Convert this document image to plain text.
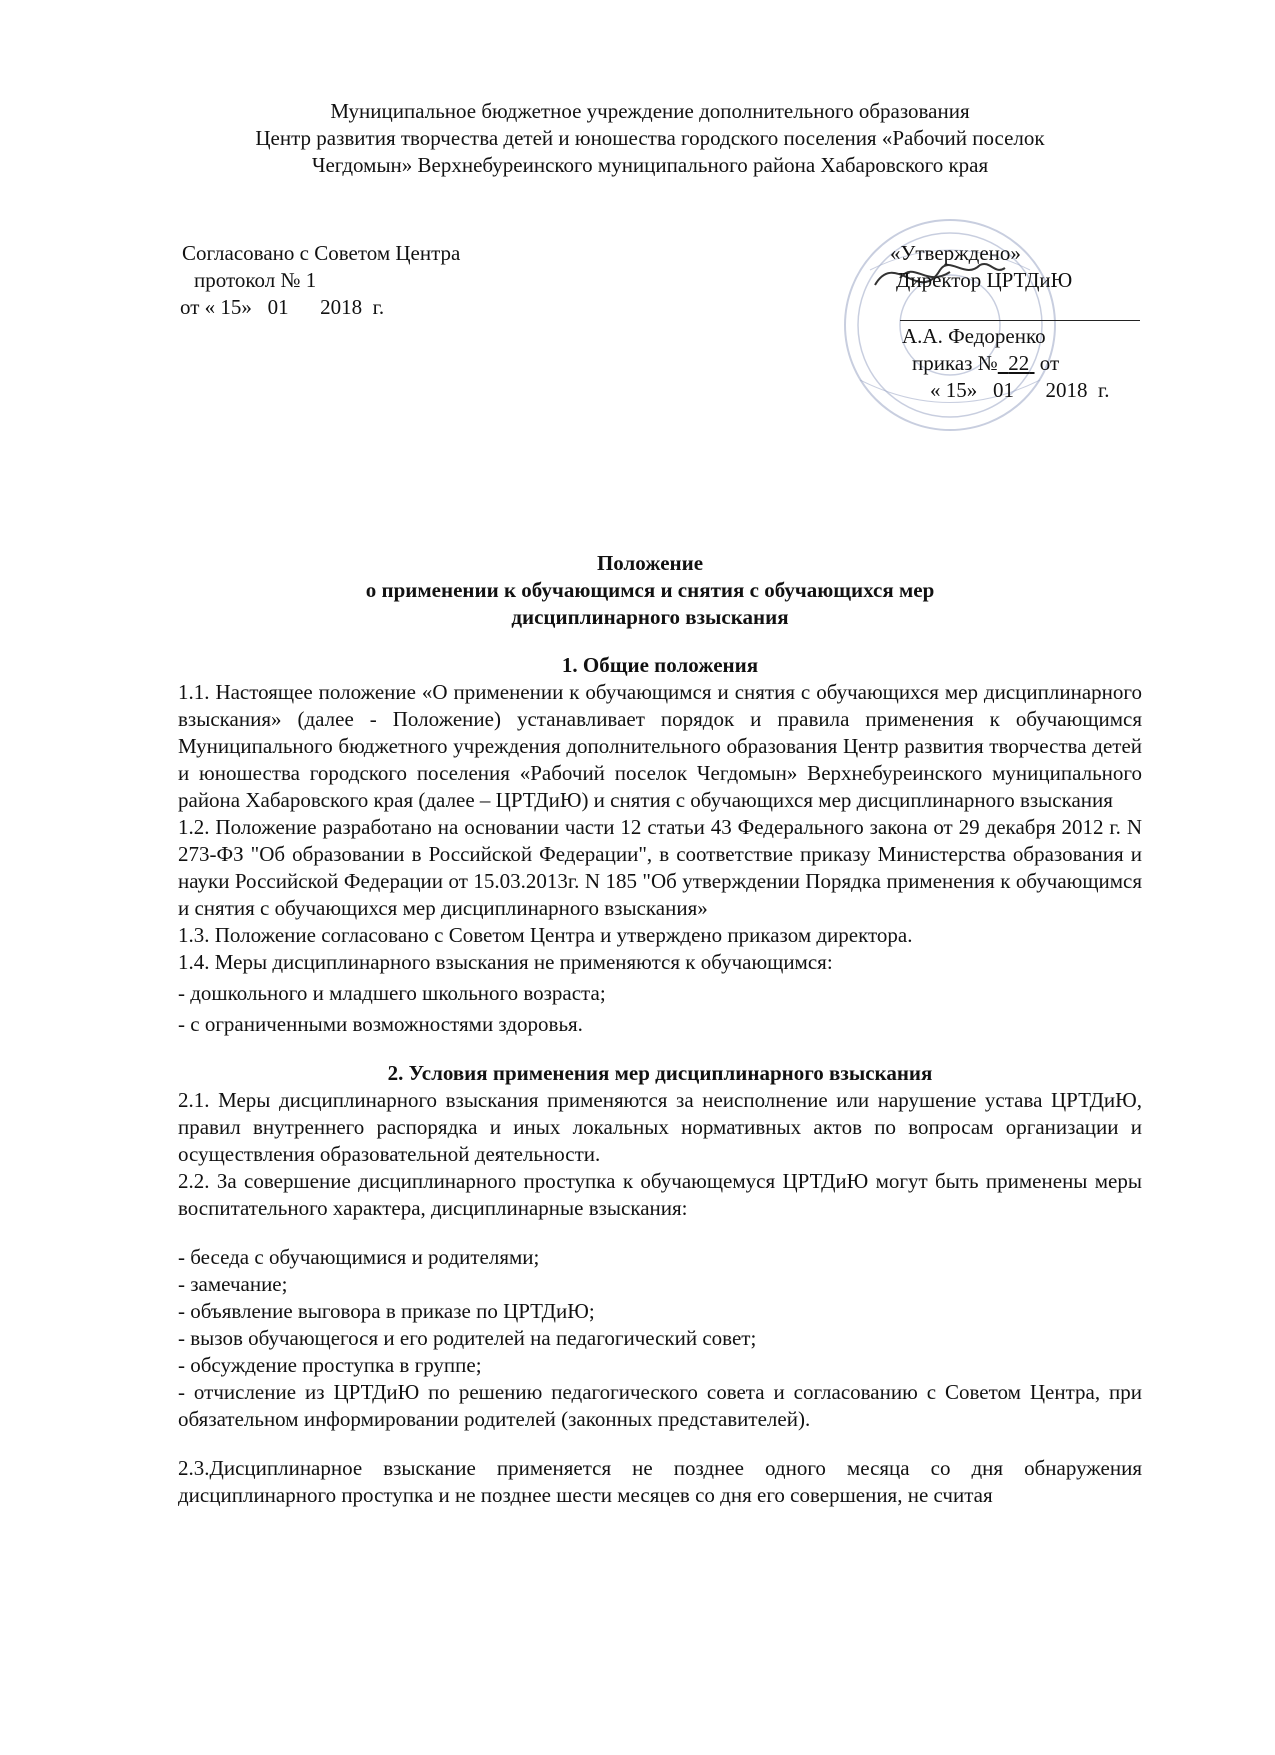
Муниципальное бюджетное учреждение дополнительного образования
Центр развития творчества детей и юношества городского поселения «Рабочий поселок
Чегдомын» Верхнебуреинского муниципального района Хабаровского края
Согласовано с Советом Центра
протокол № 1
от « 15»   01      2018  г.
«Утверждено»
Директор ЦРТДиЮ
А.А. Федоренко
приказ № 22  от
« 15»   01      2018  г.
Положение
о применении к обучающимся и снятия с обучающихся мер
дисциплинарного взыскания
1. Общие положения
1.1. Настоящее положение «О применении к обучающимся и снятия с обучающихся мер дисциплинарного взыскания» (далее - Положение) устанавливает порядок и правила применения к обучающимся Муниципального бюджетного учреждения дополнительного образования Центр развития творчества детей и юношества городского поселения «Рабочий поселок Чегдомын» Верхнебуреинского муниципального района Хабаровского края (далее – ЦРТДиЮ) и снятия с обучающихся мер дисциплинарного взыскания
1.2. Положение разработано на основании части 12 статьи 43 Федерального закона от 29 декабря 2012 г. N 273-ФЗ "Об образовании в Российской Федерации", в соответствие приказу Министерства образования и науки Российской Федерации от 15.03.2013г. N 185 "Об утверждении Порядка применения к обучающимся и снятия с обучающихся мер дисциплинарного взыскания»
1.3. Положение согласовано с Советом Центра и утверждено приказом директора.
1.4. Меры дисциплинарного взыскания не применяются к обучающимся:
- дошкольного и младшего школьного возраста;
- с ограниченными возможностями здоровья.
2. Условия применения мер дисциплинарного взыскания
2.1. Меры дисциплинарного взыскания применяются за неисполнение или нарушение устава ЦРТДиЮ, правил внутреннего распорядка и иных локальных нормативных актов по вопросам организации и осуществления образовательной деятельности.
2.2. За совершение дисциплинарного проступка к обучающемуся ЦРТДиЮ могут быть применены меры воспитательного характера, дисциплинарные взыскания:
- беседа с обучающимися и родителями;
- замечание;
- объявление выговора в приказе по ЦРТДиЮ;
- вызов обучающегося и его родителей на педагогический совет;
- обсуждение проступка в группе;
- отчисление из ЦРТДиЮ по решению педагогического совета и согласованию с Советом Центра, при обязательном информировании родителей (законных представителей).
2.3.Дисциплинарное взыскание применяется не позднее одного месяца со дня обнаружения дисциплинарного проступка и не позднее шести месяцев со дня его совершения, не считая
